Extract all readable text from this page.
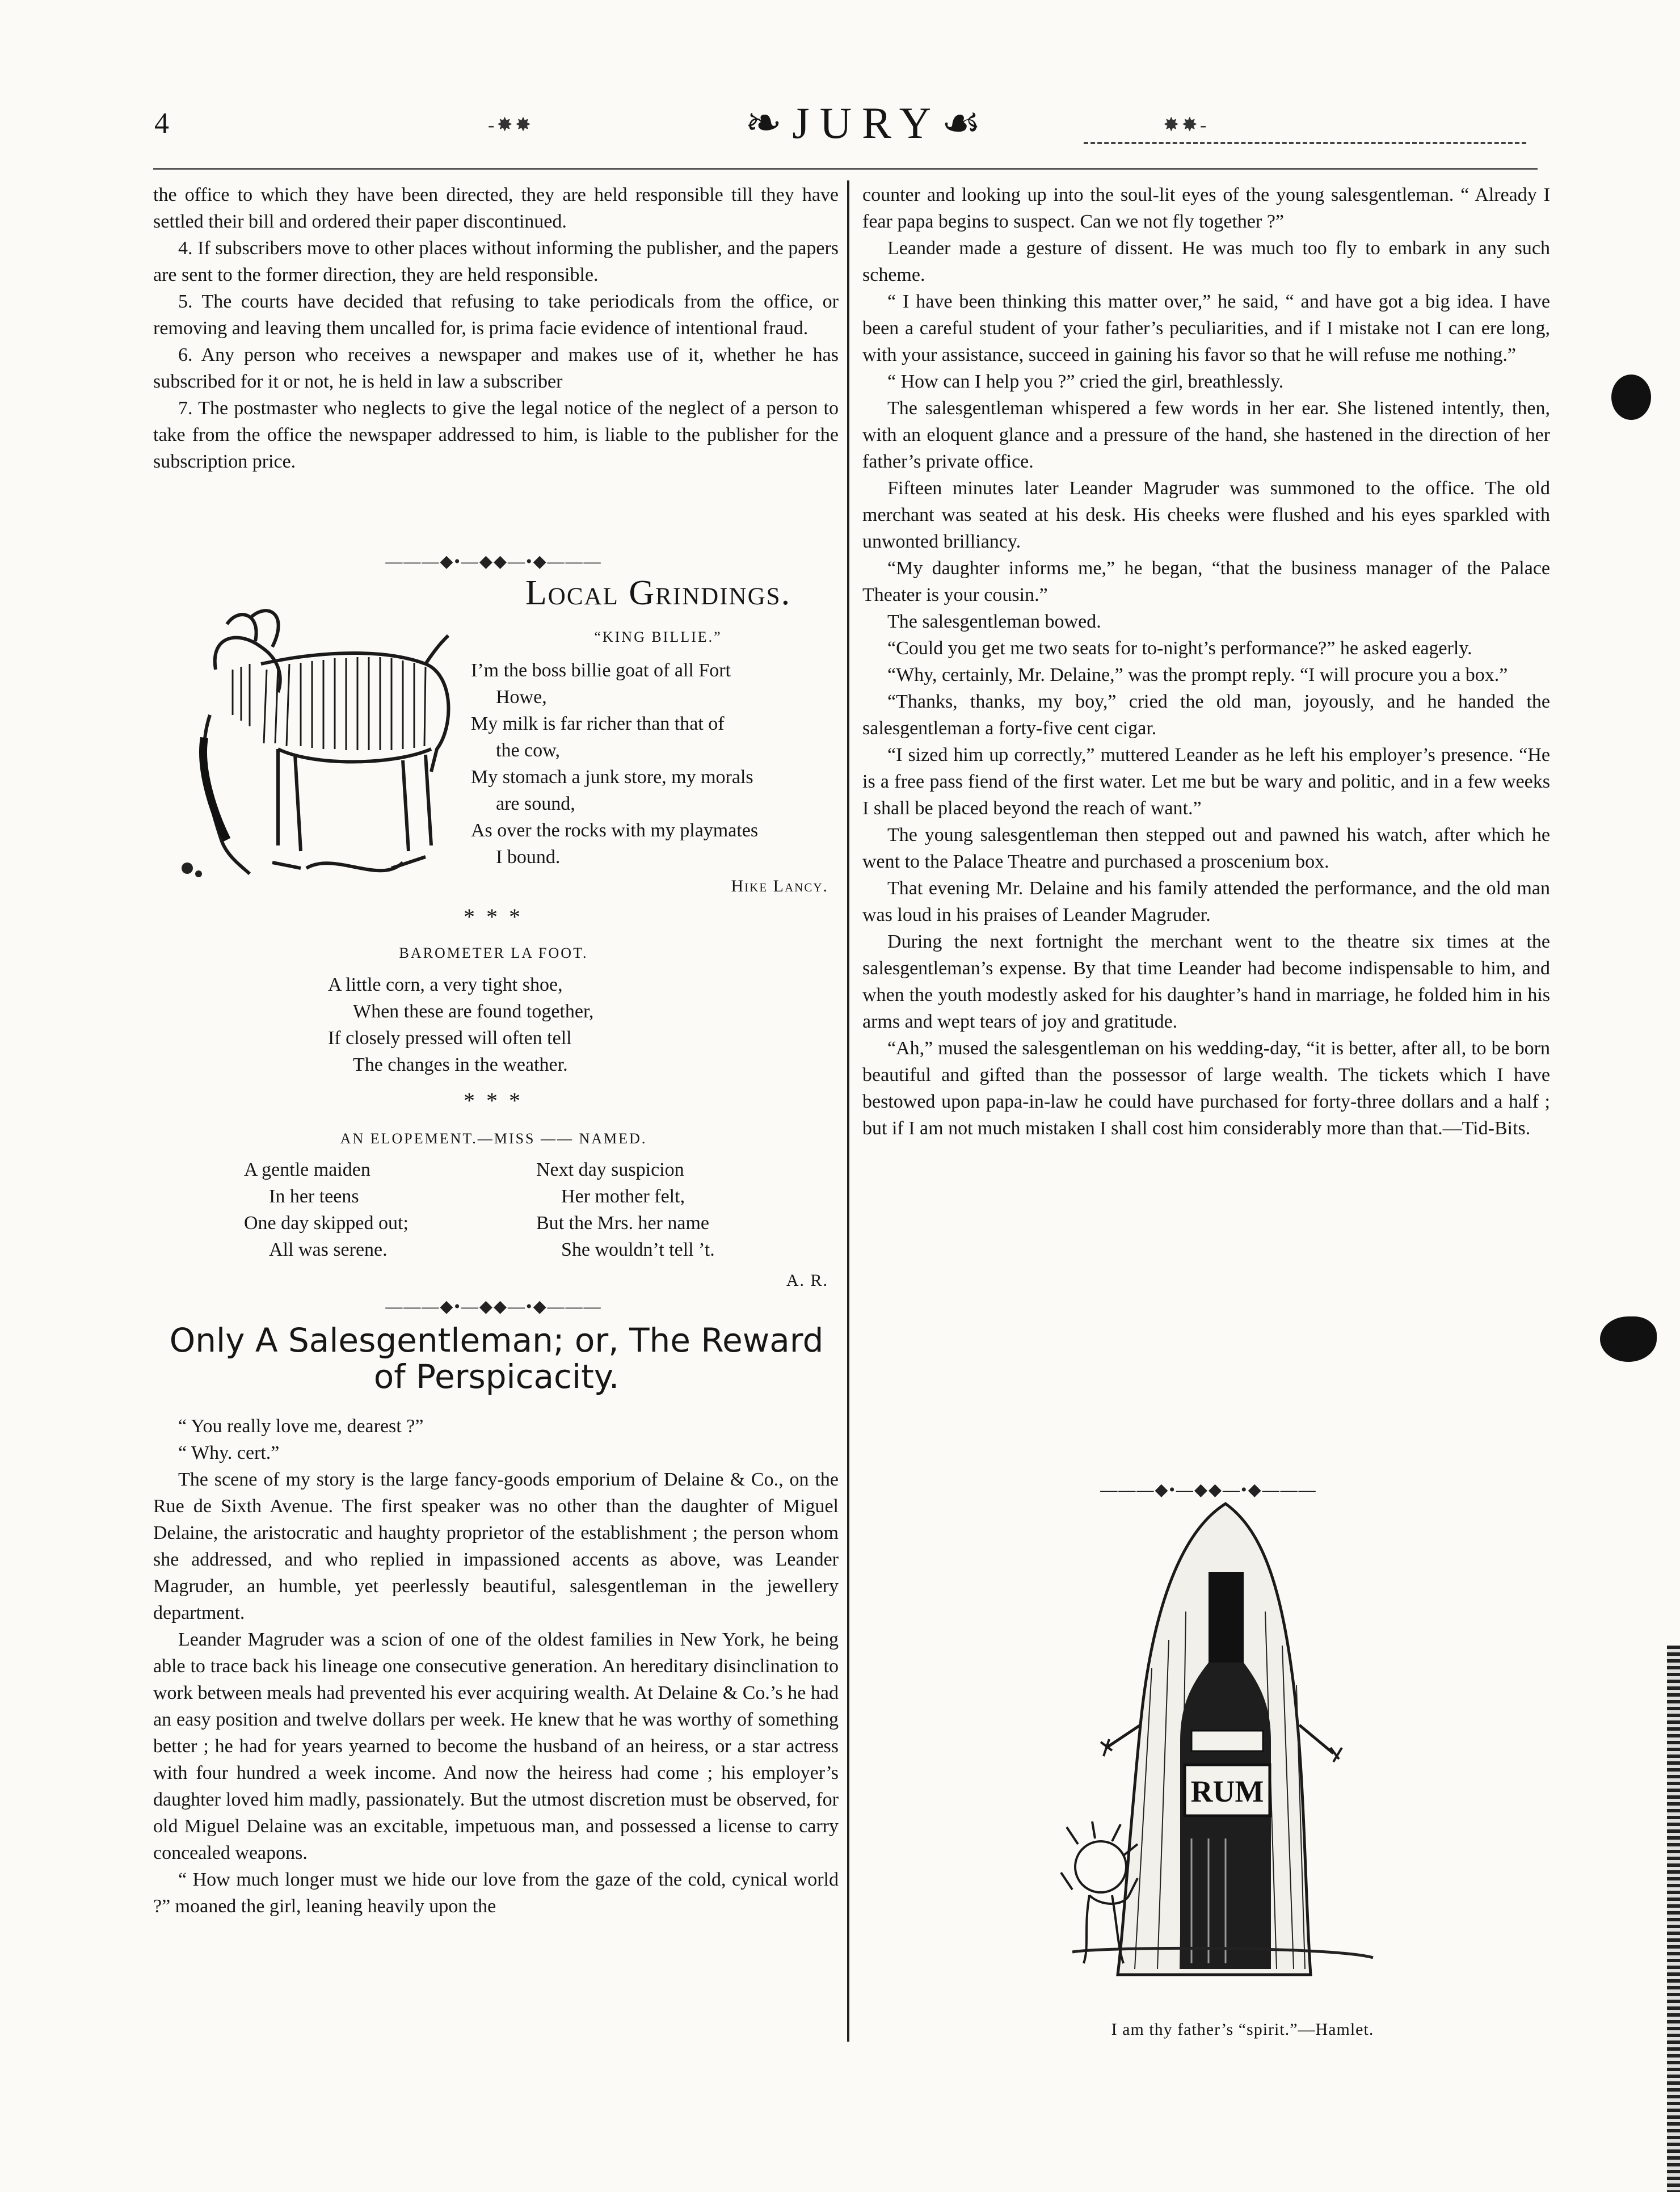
4	-✸✸	❧JURY☙	✸✸-

the office to which they have been directed, they are held responsible till they have settled their bill and ordered their paper discontinued.

4. If subscribers move to other places without informing the publisher, and the papers are sent to the former direction, they are held responsible.

5. The courts have decided that refusing to take periodicals from the office, or removing and leaving them uncalled for, is prima facie evidence of intentional fraud.

6. Any person who receives a newspaper and makes use of it, whether he has subscribed for it or not, he is held in law a subscriber

7. The postmaster who neglects to give the legal notice of the neglect of a person to take from the office the newspaper addressed to him, is liable to the publisher for the subscription price.

———◆•—◆◆—•◆———
Local Grindings.
“KING BILLIE.”
I’m the boss billie goat of all Fort
Howe,
My milk is far richer than that of
the cow,
My stomach a junk store, my morals
are sound,
As over the rocks with my playmates
I bound.
Hike Lancy.
* * *
BAROMETER LA FOOT.
A little corn, a very tight shoe,
When these are found together,
If closely pressed will often tell
The changes in the weather.
* * *
AN ELOPEMENT.—MISS —— NAMED.
A gentle maiden
In her teens
One day skipped out;
All was serene.
Next day suspicion
Her mother felt,
But the Mrs. her name
She wouldn’t tell ’t.
A. R.
———◆•—◆◆—•◆———
Only A Salesgentleman; or, The Reward of Perspicacity.

“ You really love me, dearest ?”

“ Why. cert.”

The scene of my story is the large fancy-goods emporium of Delaine & Co., on the Rue de Sixth Avenue. The first speaker was no other than the daughter of Miguel Delaine, the aristocratic and haughty proprietor of the establishment ; the person whom she addressed, and who replied in impassioned accents as above, was Leander Magruder, an humble, yet peerlessly beautiful, salesgentleman in the jewellery department.

Leander Magruder was a scion of one of the oldest families in New York, he being able to trace back his lineage one consecutive generation. An hereditary disinclination to work between meals had prevented his ever acquiring wealth. At Delaine & Co.’s he had an easy position and twelve dollars per week. He knew that he was worthy of something better ; he had for years yearned to become the husband of an heiress, or a star actress with four hundred a week income. And now the heiress had come ; his employer’s daughter loved him madly, passionately. But the utmost discretion must be observed, for old Miguel Delaine was an excitable, impetuous man, and possessed a license to carry concealed weapons.

“ How much longer must we hide our love from the gaze of the cold, cynical world ?” moaned the girl, leaning heavily upon the

counter and looking up into the soul-lit eyes of the young salesgentleman. “ Already I fear papa begins to suspect. Can we not fly together ?”

Leander made a gesture of dissent. He was much too fly to embark in any such scheme.

“ I have been thinking this matter over,” he said, “ and have got a big idea. I have been a careful student of your father’s peculiarities, and if I mistake not I can ere long, with your assistance, succeed in gaining his favor so that he will refuse me nothing.”

“ How can I help you ?” cried the girl, breathlessly.

The salesgentleman whispered a few words in her ear. She listened intently, then, with an eloquent glance and a pressure of the hand, she hastened in the direction of her father’s private office.

Fifteen minutes later Leander Magruder was summoned to the office. The old merchant was seated at his desk. His cheeks were flushed and his eyes sparkled with unwonted brilliancy.

“My daughter informs me,” he began, “that the business manager of the Palace Theater is your cousin.”

The salesgentleman bowed.

“Could you get me two seats for to-night’s performance?” he asked eagerly.

“Why, certainly, Mr. Delaine,” was the prompt reply. “I will procure you a box.”

“Thanks, thanks, my boy,” cried the old man, joyously, and he handed the salesgentleman a forty-five cent cigar.

“I sized him up correctly,” muttered Leander as he left his employer’s presence. “He is a free pass fiend of the first water. Let me but be wary and politic, and in a few weeks I shall be placed beyond the reach of want.”

The young salesgentleman then stepped out and pawned his watch, after which he went to the Palace Theatre and purchased a proscenium box.

That evening Mr. Delaine and his family attended the performance, and the old man was loud in his praises of Leander Magruder.

During the next fortnight the merchant went to the theatre six times at the salesgentleman’s expense. By that time Leander had become indispensable to him, and when the youth modestly asked for his daughter’s hand in marriage, he folded him in his arms and wept tears of joy and gratitude.

“Ah,” mused the salesgentleman on his wedding-day, “it is better, after all, to be born beautiful and gifted than the possessor of large wealth. The tickets which I have bestowed upon papa-in-law he could have purchased for forty-three dollars and a half ; but if I am not much mistaken I shall cost him considerably more than that.—Tid-Bits.

———◆•—◆◆—•◆———
RUM
I am thy father’s “spirit.”—Hamlet.
